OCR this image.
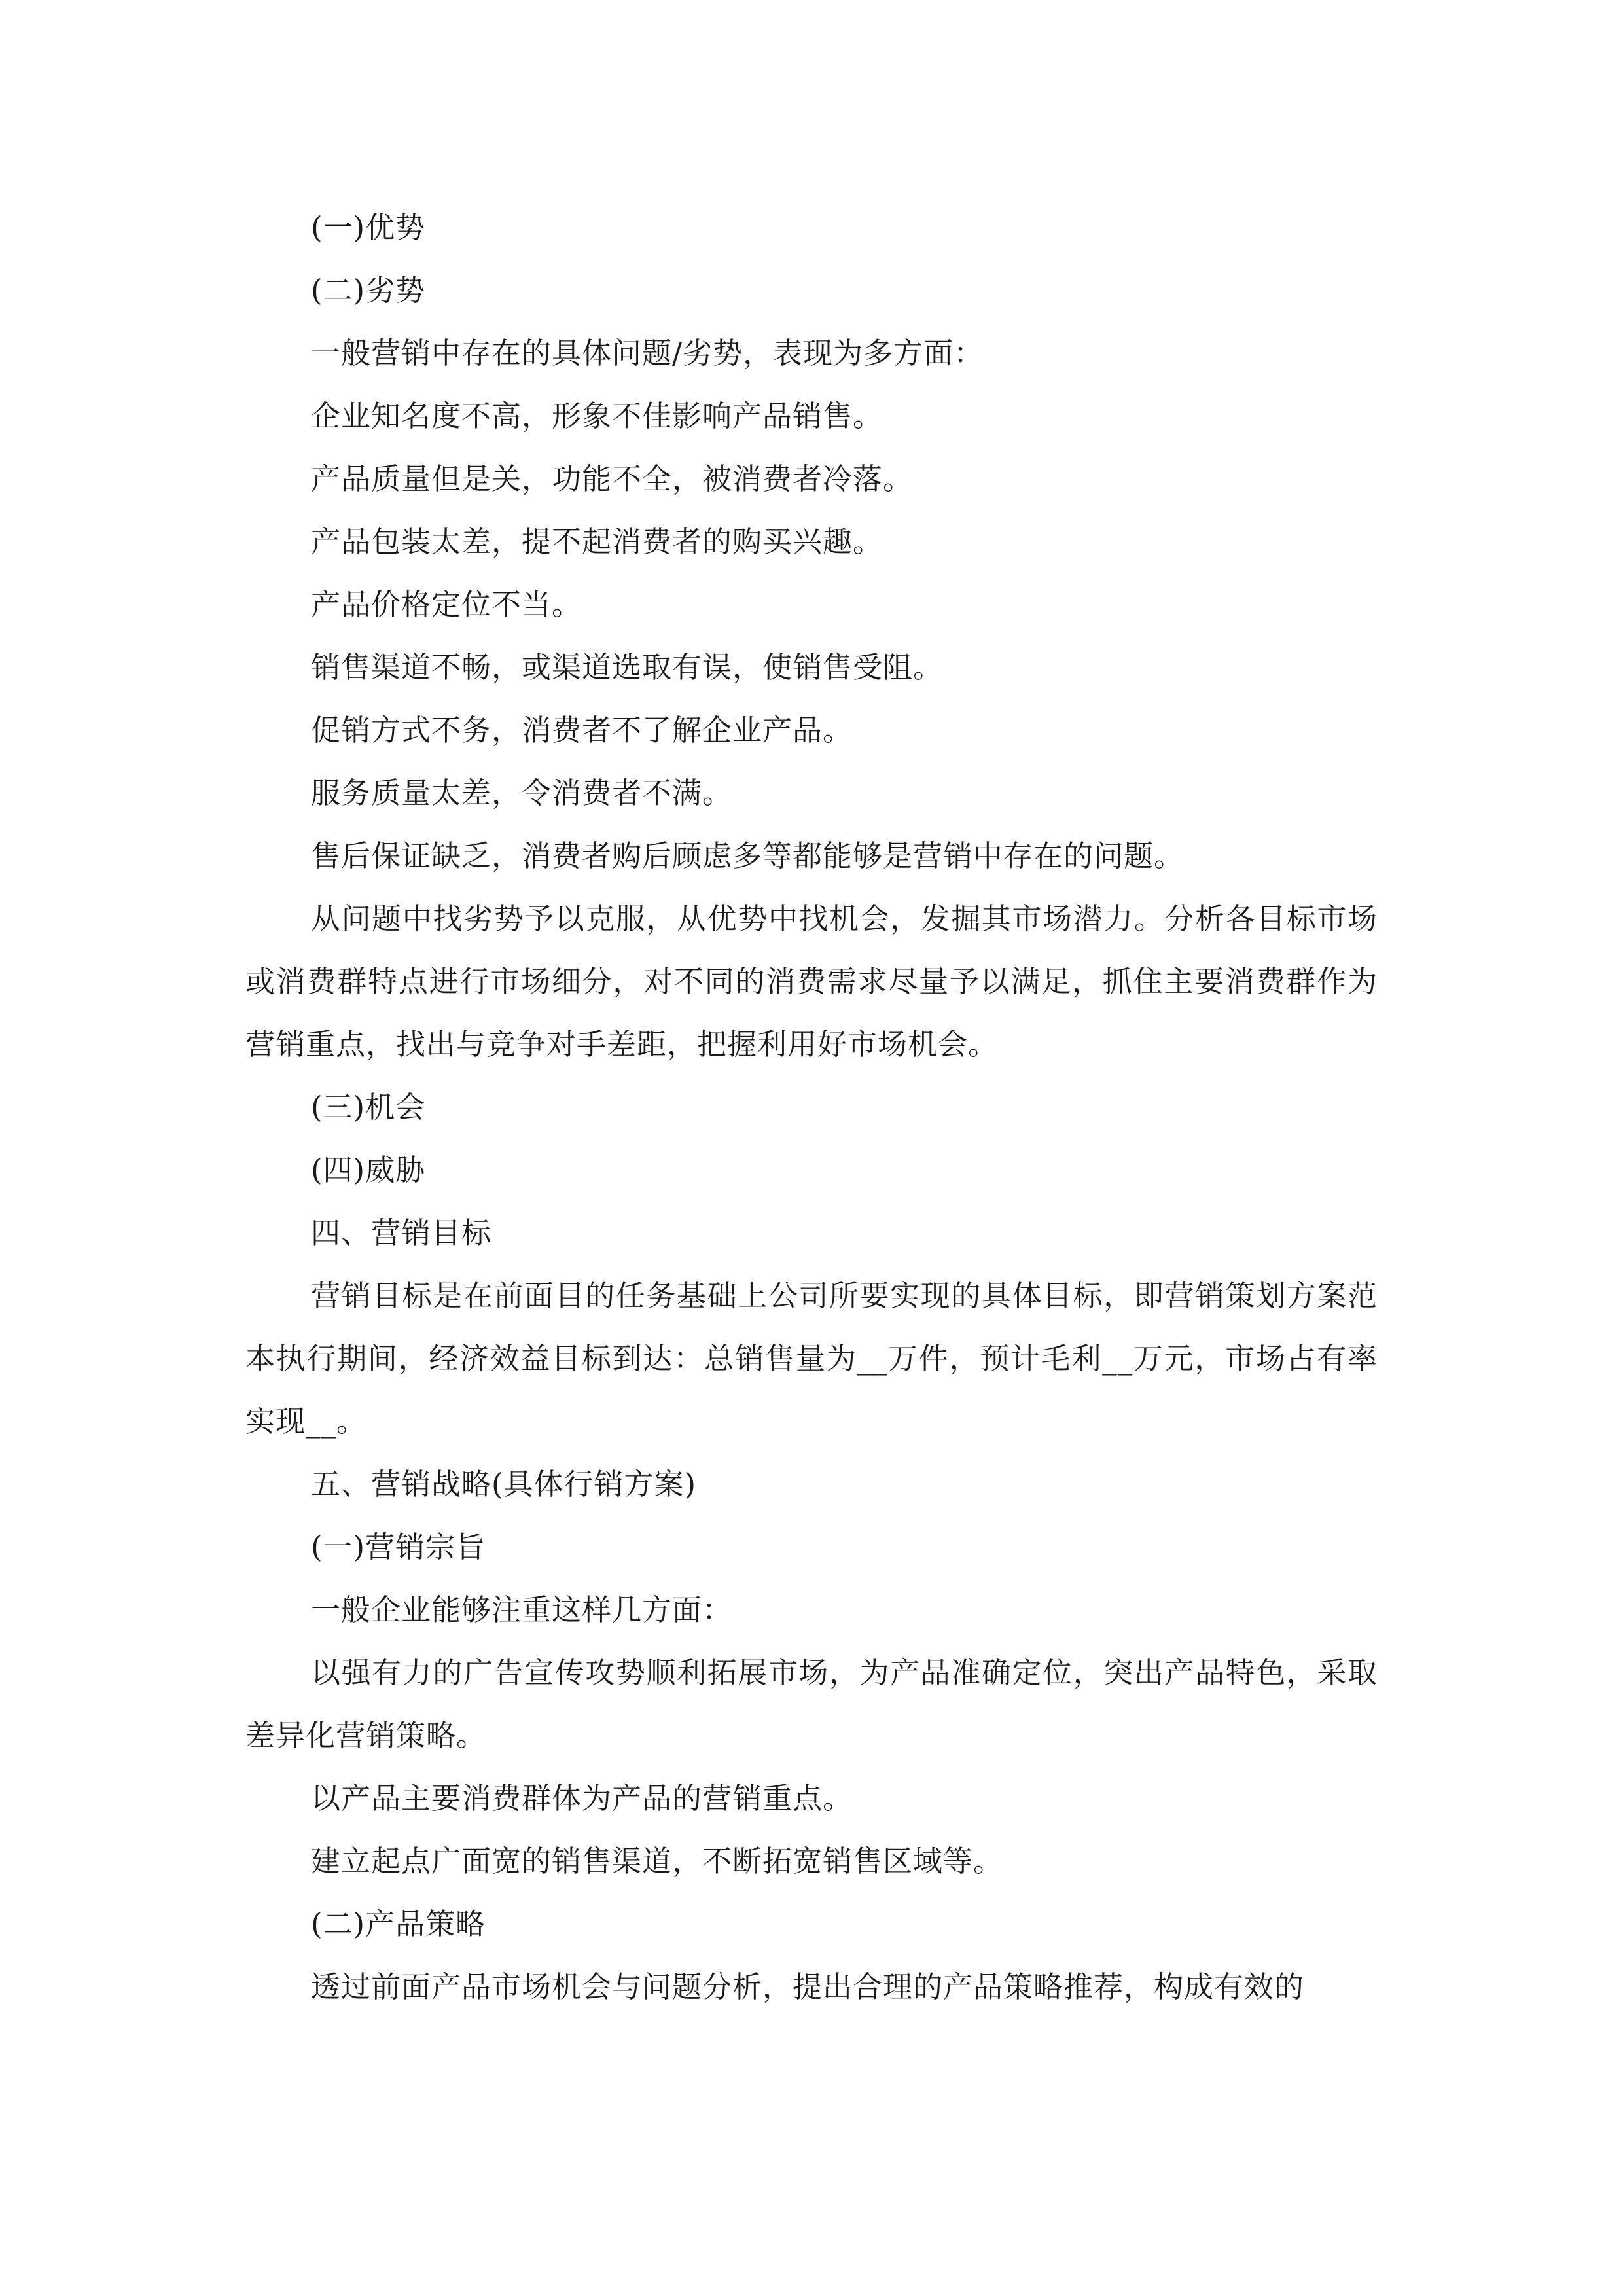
(一)优势

(二)劣势

一般营销中存在的具体问题/劣势，表现为多方面：

企业知名度不高，形象不佳影响产品销售。

产品质量但是关，功能不全，被消费者冷落。

产品包装太差，提不起消费者的购买兴趣。

产品价格定位不当。

销售渠道不畅，或渠道选取有误，使销售受阻。

促销方式不务，消费者不了解企业产品。

服务质量太差，令消费者不满。

售后保证缺乏，消费者购后顾虑多等都能够是营销中存在的问题。

从问题中找劣势予以克服，从优势中找机会，发掘其市场潜力。分析各目标市场或消费群特点进行市场细分，对不同的消费需求尽量予以满足，抓住主要消费群作为营销重点，找出与竞争对手差距，把握利用好市场机会。

(三)机会

(四)威胁

四、营销目标

营销目标是在前面目的任务基础上公司所要实现的具体目标，即营销策划方案范本执行期间，经济效益目标到达：总销售量为__万件，预计毛利__万元，市场占有率实现__。

五、营销战略(具体行销方案)

(一)营销宗旨

一般企业能够注重这样几方面：

以强有力的广告宣传攻势顺利拓展市场，为产品准确定位，突出产品特色，采取差异化营销策略。

以产品主要消费群体为产品的营销重点。

建立起点广面宽的销售渠道，不断拓宽销售区域等。

(二)产品策略

透过前面产品市场机会与问题分析，提出合理的产品策略推荐，构成有效的
